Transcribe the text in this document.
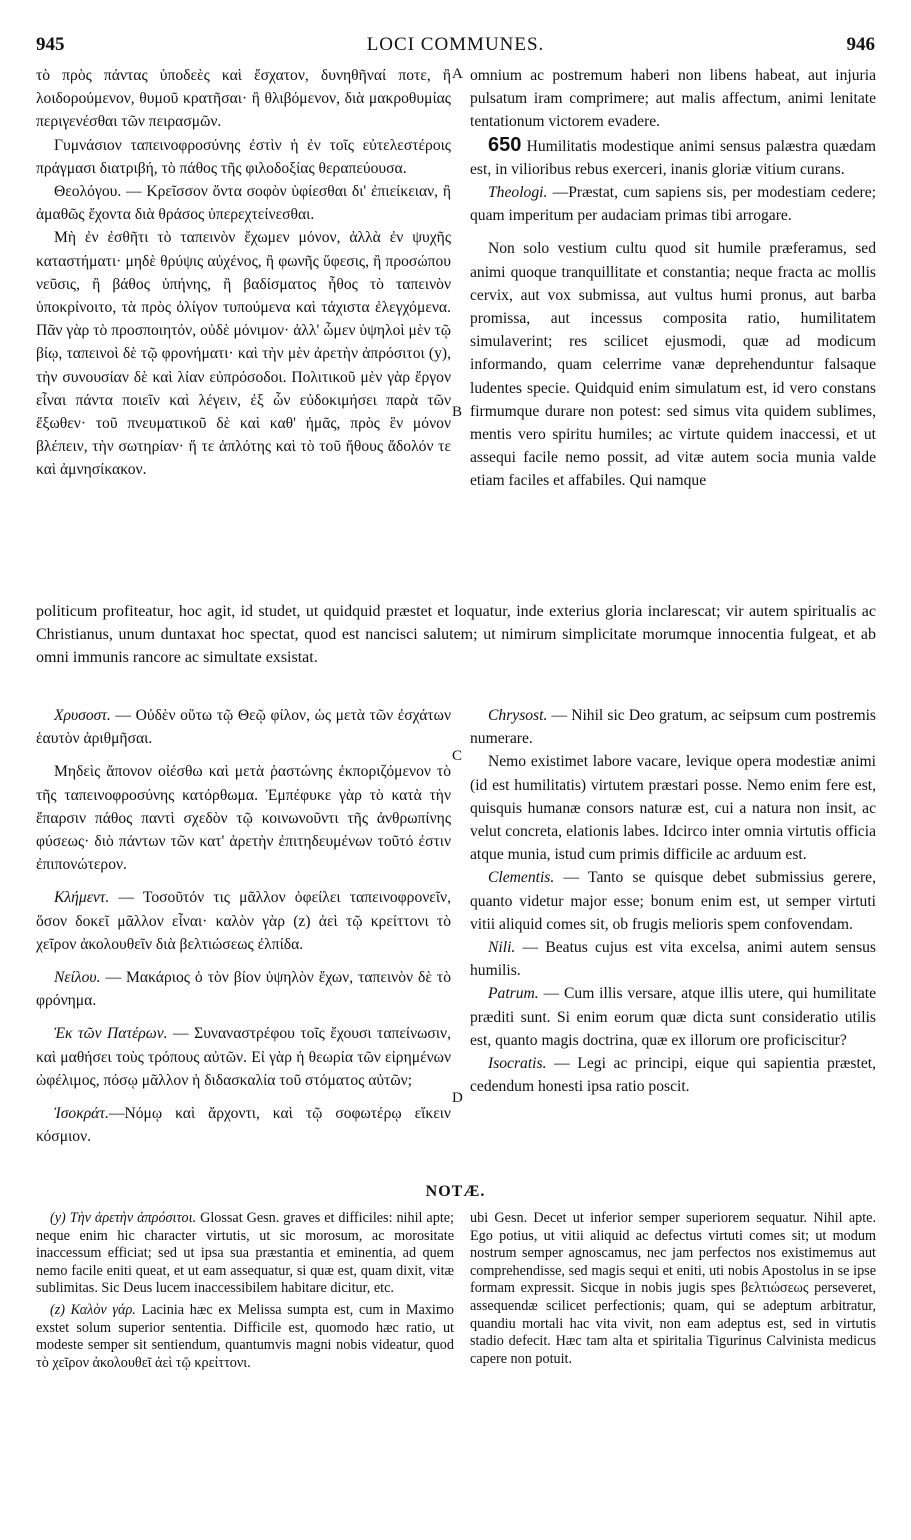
945	LOCI COMMUNES.	946
A
B
C
D

τὸ πρὸς πάντας ὑποδεὲς καὶ ἔσχατον, δυνηθῆναί ποτε, ἢ λοιδορούμενον, θυμοῦ κρατῆσαι· ἢ θλιβόμενον, διὰ μακροθυμίας περιγενέσθαι τῶν πειρασμῶν.

Γυμνάσιον ταπεινοφροσύνης ἐστὶν ἡ ἐν τοῖς εὐτελεστέροις πράγμασι διατριβή, τὸ πάθος τῆς φιλοδοξίας θεραπεύουσα.

Θεολόγου. — Κρεῖσσον ὄντα σοφὸν ὑφίεσθαι δι' ἐπιείκειαν, ἢ ἀμαθῶς ἔχοντα διὰ θράσος ὑπερεχτείνεσθαι.

Μὴ ἐν ἐσθῆτι τὸ ταπεινὸν ἔχωμεν μόνον, ἀλλὰ ἐν ψυχῆς καταστήματι· μηδὲ θρύψις αὐχένος, ἢ φωνῆς ὕφεσις, ἢ προσώπου νεῦσις, ἢ βάθος ὑπήνης, ἢ βαδίσματος ἦθος τὸ ταπεινὸν ὑποκρίνοιτο, τὰ πρὸς ὀλίγον τυπούμενα καὶ τάχιστα ἐλεγχόμενα. Πᾶν γὰρ τὸ προσποιητόν, οὐδὲ μόνιμον· ἀλλ' ὦμεν ὑψηλοὶ μὲν τῷ βίῳ, ταπεινοὶ δὲ τῷ φρονήματι· καὶ τὴν μὲν ἀρετὴν ἀπρόσιτοι (y), τὴν συνουσίαν δὲ καὶ λίαν εὐπρόσοδοι. Πολιτικοῦ μὲν γὰρ ἔργον εἶναι πάντα ποιεῖν καὶ λέγειν, ἐξ ὧν εὐδοκιμήσει παρὰ τῶν ἔξωθεν· τοῦ πνευματικοῦ δὲ καὶ καθ' ἡμᾶς, πρὸς ἓν μόνον βλέπειν, τὴν σωτηρίαν· ἥ τε ἁπλότης καὶ τὸ τοῦ ἤθους ἄδολόν τε καὶ ἀμνησίκακον.

omnium ac postremum haberi non libens habeat, aut injuria pulsatum iram comprimere; aut malis affectum, animi lenitate tentationum victorem evadere.

650 Humilitatis modestique animi sensus palæstra quædam est, in vilioribus rebus exerceri, inanis gloriæ vitium curans.

Theologi. —Præstat, cum sapiens sis, per modestiam cedere; quam imperitum per audaciam primas tibi arrogare.

Non solo vestium cultu quod sit humile præferamus, sed animi quoque tranquillitate et constantia; neque fracta ac mollis cervix, aut vox submissa, aut vultus humi pronus, aut barba promissa, aut incessus composita ratio, humilitatem simulaverint; res scilicet ejusmodi, quæ ad modicum informando, quam celerrime vanæ deprehenduntur falsaque ludentes specie. Quidquid enim simulatum est, id vero constans firmumque durare non potest: sed simus vita quidem sublimes, mentis vero spiritu humiles; ac virtute quidem inaccessi, et ut assequi facile nemo possit, ad vitæ autem socia munia valde etiam faciles et affabiles. Qui namque

politicum profiteatur, hoc agit, id studet, ut quidquid præstet et loquatur, inde exterius gloria inclarescat; vir autem spiritualis ac Christianus, unum duntaxat hoc spectat, quod est nancisci salutem; ut nimirum simplicitate morumque innocentia fulgeat, et ab omni immunis rancore ac simultate exsistat.

Χρυσοστ. — Οὐδὲν οὕτω τῷ Θεῷ φίλον, ὡς μετὰ τῶν ἐσχάτων ἑαυτὸν ἀριθμῆσαι.

Μηδεὶς ἄπονον οἰέσθω καὶ μετὰ ῥαστώνης ἐκποριζόμενον τὸ τῆς ταπεινοφροσύνης κατόρθωμα. Ἐμπέφυκε γὰρ τὸ κατὰ τὴν ἔπαρσιν πάθος παντὶ σχεδὸν τῷ κοινωνοῦντι τῆς ἀνθρωπίνης φύσεως· διὸ πάντων τῶν κατ' ἀρετὴν ἐπιτηδευμένων τοῦτό ἐστιν ἐπιπονώτερον.

Κλήμεντ. — Τοσοῦτόν τις μᾶλλον ὀφείλει ταπεινοφρονεῖν, ὅσον δοκεῖ μᾶλλον εἶναι· καλὸν γὰρ (z) ἀεὶ τῷ κρείττονι τὸ χεῖρον ἀκολουθεῖν διὰ βελτιώσεως ἐλπίδα.

Νείλου. — Μακάριος ὁ τὸν βίον ὑψηλὸν ἔχων, ταπεινὸν δὲ τὸ φρόνημα.

Ἐκ τῶν Πατέρων. — Συναναστρέφου τοῖς ἔχουσι ταπείνωσιν, καὶ μαθήσει τοὺς τρόπους αὐτῶν. Εἰ γὰρ ἡ θεωρία τῶν εἰρημένων ὠφέλιμος, πόσῳ μᾶλλον ἡ διδασκαλία τοῦ στόματος αὐτῶν;

Ἰσοκράτ.—Νόμῳ καὶ ἄρχοντι, καὶ τῷ σοφωτέρῳ εἴκειν κόσμιον.

Chrysost. — Nihil sic Deo gratum, ac seipsum cum postremis numerare.

Nemo existimet labore vacare, levique opera modestiæ animi (id est humilitatis) virtutem præstari posse. Nemo enim fere est, quisquis humanæ consors naturæ est, cui a natura non insit, ac velut concreta, elationis labes. Idcirco inter omnia virtutis officia atque munia, istud cum primis difficile ac arduum est.

Clementis. — Tanto se quisque debet submissius gerere, quanto videtur major esse; bonum enim est, ut semper virtuti vitii aliquid comes sit, ob frugis melioris spem confovendam.

Nili. — Beatus cujus est vita excelsa, animi autem sensus humilis.

Patrum. — Cum illis versare, atque illis utere, qui humilitate præditi sunt. Si enim eorum quæ dicta sunt consideratio utilis est, quanto magis doctrina, quæ ex illorum ore proficiscitur?

Isocratis. — Legi ac principi, eique qui sapientia præstet, cedendum honesti ipsa ratio poscit.

NOTÆ.

(y) Τὴν ἀρετὴν ἀπρόσιτοι. Glossat Gesn. graves et difficiles: nihil apte; neque enim hic character virtutis, ut sic morosum, ac morositate inaccessum efficiat; sed ut ipsa sua præstantia et eminentia, ad quem nemo facile eniti queat, et ut eam assequatur, si quæ est, quam dixit, vitæ sublimitas. Sic Deus lucem inaccessibilem habitare dicitur, etc.

(z) Καλὸν γάρ. Lacinia hæc ex Melissa sumpta est, cum in Maximo exstet solum superior sententia. Difficile est, quomodo hæc ratio, ut modeste semper sit sentiendum, quantumvis magni nobis videatur, quod τὸ χεῖρον ἀκολουθεῖ ἀεὶ τῷ κρείττονι.

ubi Gesn. Decet ut inferior semper superiorem sequatur. Nihil apte. Ego potius, ut vitii aliquid ac defectus virtuti comes sit; ut modum nostrum semper agnoscamus, nec jam perfectos nos existimemus aut comprehendisse, sed magis sequi et eniti, uti nobis Apostolus in se ipse formam expressit. Sicque in nobis jugis spes βελτιώσεως perseveret, assequendæ scilicet perfectionis; quam, qui se adeptum arbitratur, quandiu mortali hac vita vivit, non eam adeptus est, sed in virtutis stadio defecit. Hæc tam alta et spiritalia Tigurinus Calvinista medicus capere non potuit.
